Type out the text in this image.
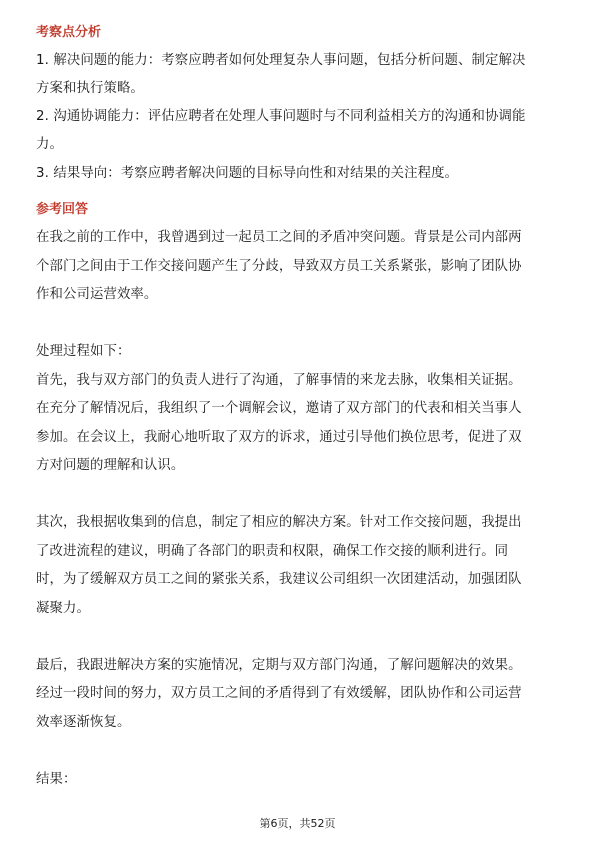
考察点分析
1. 解决问题的能力：考察应聘者如何处理复杂人事问题，包括分析问题、制定解决
方案和执行策略。
2. 沟通协调能力：评估应聘者在处理人事问题时与不同利益相关方的沟通和协调能
力。
3. 结果导向：考察应聘者解决问题的目标导向性和对结果的关注程度。
参考回答
在我之前的工作中，我曾遇到过一起员工之间的矛盾冲突问题。背景是公司内部两
个部门之间由于工作交接问题产生了分歧，导致双方员工关系紧张，影响了团队协
作和公司运营效率。
处理过程如下：
首先，我与双方部门的负责人进行了沟通，了解事情的来龙去脉，收集相关证据。
在充分了解情况后，我组织了一个调解会议，邀请了双方部门的代表和相关当事人
参加。在会议上，我耐心地听取了双方的诉求，通过引导他们换位思考，促进了双
方对问题的理解和认识。
其次，我根据收集到的信息，制定了相应的解决方案。针对工作交接问题，我提出
了改进流程的建议，明确了各部门的职责和权限，确保工作交接的顺利进行。同
时，为了缓解双方员工之间的紧张关系，我建议公司组织一次团建活动，加强团队
凝聚力。
最后，我跟进解决方案的实施情况，定期与双方部门沟通，了解问题解决的效果。
经过一段时间的努力，双方员工之间的矛盾得到了有效缓解，团队协作和公司运营
效率逐渐恢复。
结果：
第6页，共52页
